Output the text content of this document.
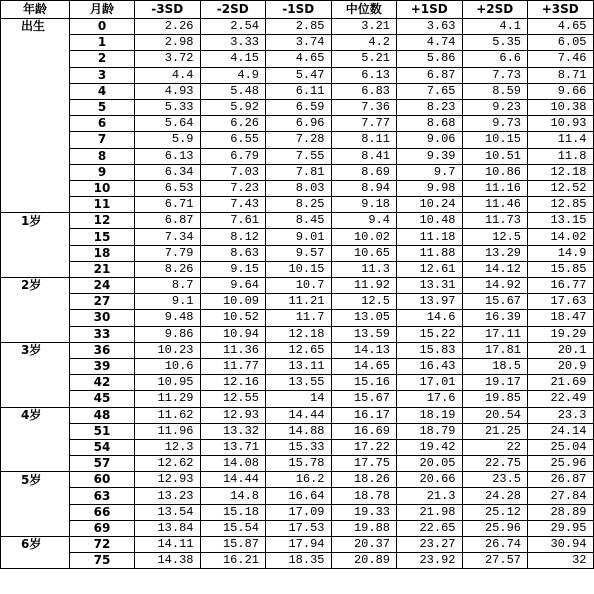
年龄	月龄	-3SD	-2SD	-1SD	中位数	+1SD	+2SD	+3SD
出生	0	2.26	2.54	2.85	3.21	3.63	4.1	4.65
	1	2.98	3.33	3.74	4.2	4.74	5.35	6.05
	2	3.72	4.15	4.65	5.21	5.86	6.6	7.46
	3	4.4	4.9	5.47	6.13	6.87	7.73	8.71
	4	4.93	5.48	6.11	6.83	7.65	8.59	9.66
	5	5.33	5.92	6.59	7.36	8.23	9.23	10.38
	6	5.64	6.26	6.96	7.77	8.68	9.73	10.93
	7	5.9	6.55	7.28	8.11	9.06	10.15	11.4
	8	6.13	6.79	7.55	8.41	9.39	10.51	11.8
	9	6.34	7.03	7.81	8.69	9.7	10.86	12.18
	10	6.53	7.23	8.03	8.94	9.98	11.16	12.52
	11	6.71	7.43	8.25	9.18	10.24	11.46	12.85
1岁	12	6.87	7.61	8.45	9.4	10.48	11.73	13.15
	15	7.34	8.12	9.01	10.02	11.18	12.5	14.02
	18	7.79	8.63	9.57	10.65	11.88	13.29	14.9
	21	8.26	9.15	10.15	11.3	12.61	14.12	15.85
2岁	24	8.7	9.64	10.7	11.92	13.31	14.92	16.77
	27	9.1	10.09	11.21	12.5	13.97	15.67	17.63
	30	9.48	10.52	11.7	13.05	14.6	16.39	18.47
	33	9.86	10.94	12.18	13.59	15.22	17.11	19.29
3岁	36	10.23	11.36	12.65	14.13	15.83	17.81	20.1
	39	10.6	11.77	13.11	14.65	16.43	18.5	20.9
	42	10.95	12.16	13.55	15.16	17.01	19.17	21.69
	45	11.29	12.55	14	15.67	17.6	19.85	22.49
4岁	48	11.62	12.93	14.44	16.17	18.19	20.54	23.3
	51	11.96	13.32	14.88	16.69	18.79	21.25	24.14
	54	12.3	13.71	15.33	17.22	19.42	22	25.04
	57	12.62	14.08	15.78	17.75	20.05	22.75	25.96
5岁	60	12.93	14.44	16.2	18.26	20.66	23.5	26.87
	63	13.23	14.8	16.64	18.78	21.3	24.28	27.84
	66	13.54	15.18	17.09	19.33	21.98	25.12	28.89
	69	13.84	15.54	17.53	19.88	22.65	25.96	29.95
6岁	72	14.11	15.87	17.94	20.37	23.27	26.74	30.94
	75	14.38	16.21	18.35	20.89	23.92	27.57	32
